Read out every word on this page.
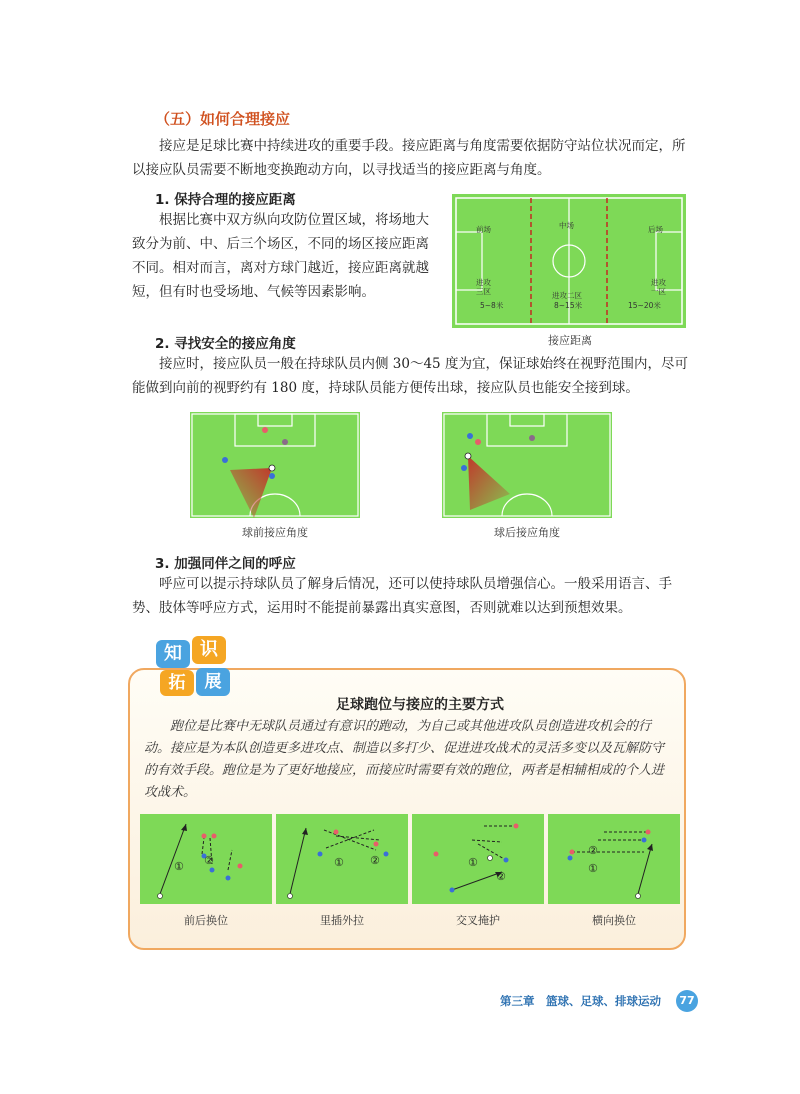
（五）如何合理接应
接应是足球比赛中持续进攻的重要手段。接应距离与角度需要依据防守站位状况而定，所以接应队员需要不断地变换跑动方向，以寻找适当的接应距离与角度。
1. 保持合理的接应距离
根据比赛中双方纵向攻防位置区域，将场地大致分为前、中、后三个场区，不同的场区接应距离不同。相对而言，离对方球门越近，接应距离就越短，但有时也受场地、气候等因素影响。
前场	中场	后场
进攻三区	进攻二区
进攻一区
5~8米	8~15米	15~20米
接应距离
2. 寻找安全的接应角度
接应时，接应队员一般在持球队员内侧 30～45 度为宜，保证球始终在视野范围内，尽可能做到向前的视野约有 180 度，持球队员能方便传出球，接应队员也能安全接到球。
球前接应角度	球后接应角度
3. 加强同伴之间的呼应
呼应可以提示持球队员了解身后情况，还可以使持球队员增强信心。一般采用语言、手势、肢体等呼应方式，运用时不能提前暴露出真实意图，否则就难以达到预想效果。
知	识
拓	展
足球跑位与接应的主要方式
跑位是比赛中无球队员通过有意识的跑动，为自己或其他进攻队员创造进攻机会的行动。接应是为本队创造更多进攻点、制造以多打少、促进进攻战术的灵活多变以及瓦解防守的有效手段。跑位是为了更好地接应，而接应时需要有效的跑位，两者是相辅相成的个人进攻战术。
① ②
前后换位
① ②
里插外拉
①
②
交叉掩护
①
②
横向换位
第三章　篮球、足球、排球运动	77
